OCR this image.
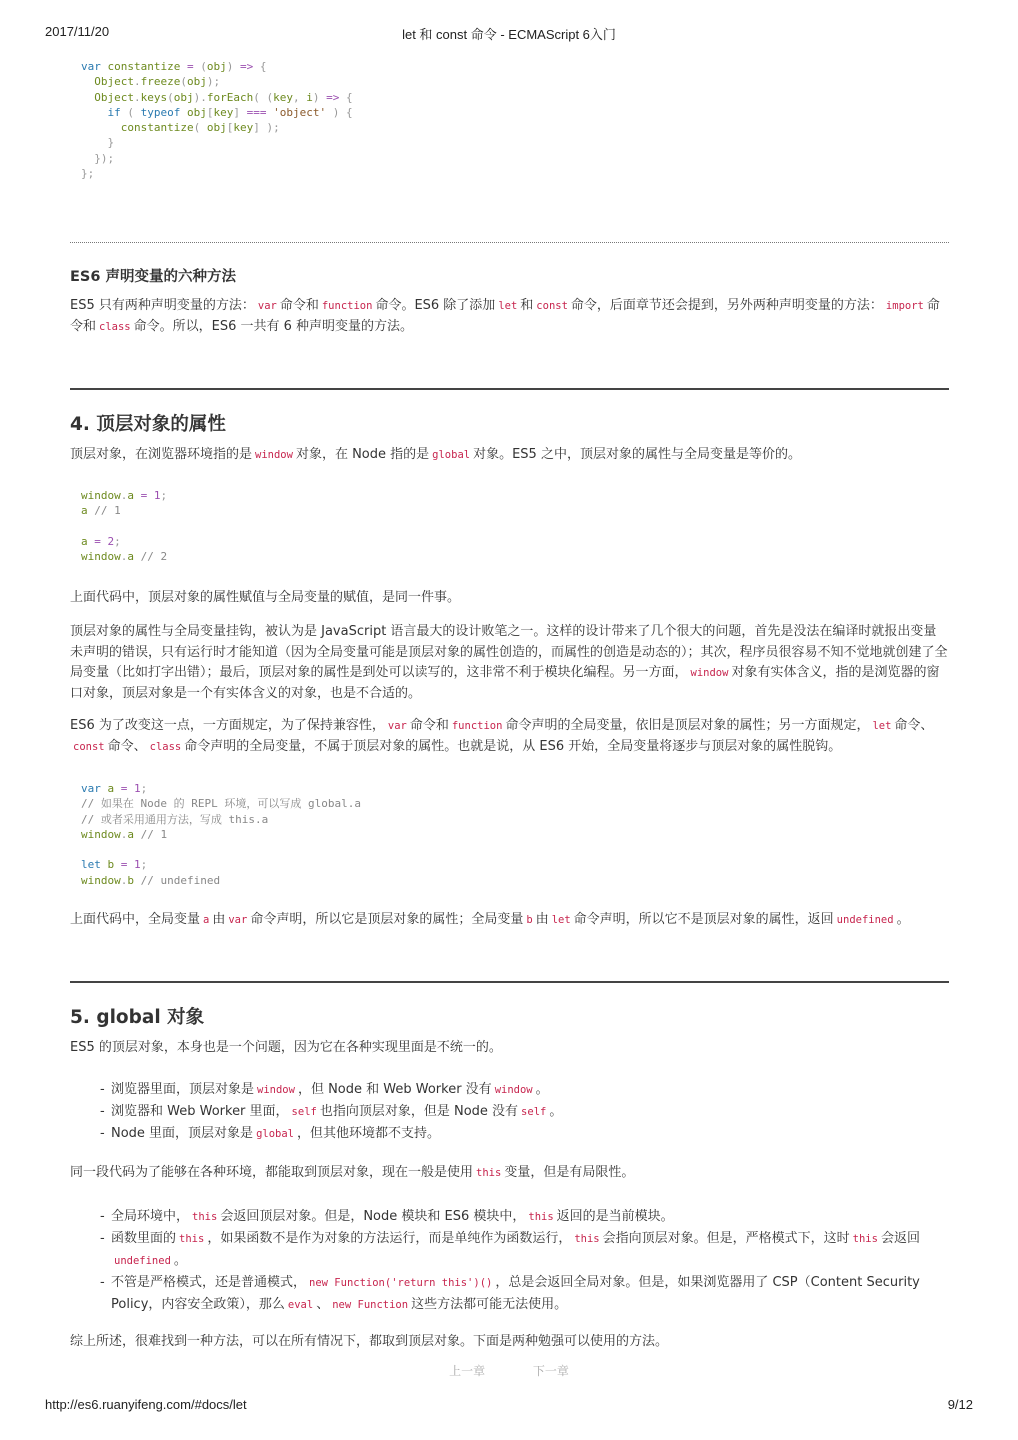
2017/11/20	let 和 const 命令 - ECMAScript 6入门
var constantize = (obj) => {
Object.freeze(obj);
Object.keys(obj).forEach( (key, i) => {
if ( typeof obj[key] === 'object' ) {
constantize( obj[key] );
}
});
};
ES6 声明变量的六种方法

ES5 只有两种声明变量的方法： var 命令和 function 命令。ES6 除了添加 let 和 const 命令，后面章节还会提到，另外两种声明变量的方法： import 命令和 class 命令。所以，ES6 一共有 6 种声明变量的方法。

4. 顶层对象的属性

顶层对象，在浏览器环境指的是 window 对象，在 Node 指的是 global 对象。ES5 之中，顶层对象的属性与全局变量是等价的。

window.a = 1;
a // 1

a = 2;
window.a // 2

上面代码中，顶层对象的属性赋值与全局变量的赋值，是同一件事。

顶层对象的属性与全局变量挂钩，被认为是 JavaScript 语言最大的设计败笔之一。这样的设计带来了几个很大的问题，首先是没法在编译时就报出变量未声明的错误，只有运行时才能知道（因为全局变量可能是顶层对象的属性创造的，而属性的创造是动态的）；其次，程序员很容易不知不觉地就创建了全局变量（比如打字出错）；最后，顶层对象的属性是到处可以读写的，这非常不利于模块化编程。另一方面， window 对象有实体含义，指的是浏览器的窗口对象，顶层对象是一个有实体含义的对象，也是不合适的。

ES6 为了改变这一点，一方面规定，为了保持兼容性， var 命令和 function 命令声明的全局变量，依旧是顶层对象的属性；另一方面规定， let 命令、const 命令、 class 命令声明的全局变量，不属于顶层对象的属性。也就是说，从 ES6 开始，全局变量将逐步与顶层对象的属性脱钩。

var a = 1;
// 如果在 Node 的 REPL 环境，可以写成 global.a
// 或者采用通用方法，写成 this.a
window.a // 1

let b = 1;
window.b // undefined

上面代码中，全局变量 a 由 var 命令声明，所以它是顶层对象的属性；全局变量 b 由 let 命令声明，所以它不是顶层对象的属性，返回 undefined 。

5. global 对象

ES5 的顶层对象，本身也是一个问题，因为它在各种实现里面是不统一的。

- 浏览器里面，顶层对象是 window ，但 Node 和 Web Worker 没有 window 。
- 浏览器和 Web Worker 里面， self 也指向顶层对象，但是 Node 没有 self 。
- Node 里面，顶层对象是 global ，但其他环境都不支持。

同一段代码为了能够在各种环境，都能取到顶层对象，现在一般是使用 this 变量，但是有局限性。

- 全局环境中， this 会返回顶层对象。但是，Node 模块和 ES6 模块中， this 返回的是当前模块。
- 函数里面的 this ，如果函数不是作为对象的方法运行，而是单纯作为函数运行， this 会指向顶层对象。但是，严格模式下，这时 this 会返回undefined 。
- 不管是严格模式，还是普通模式， new Function('return this')() ，总是会返回全局对象。但是，如果浏览器用了 CSP（Content Security Policy，内容安全政策），那么 eval 、 new Function 这些方法都可能无法使用。

综上所述，很难找到一种方法，可以在所有情况下，都取到顶层对象。下面是两种勉强可以使用的方法。

上一章	下一章
http://es6.ruanyifeng.com/#docs/let	9/12
